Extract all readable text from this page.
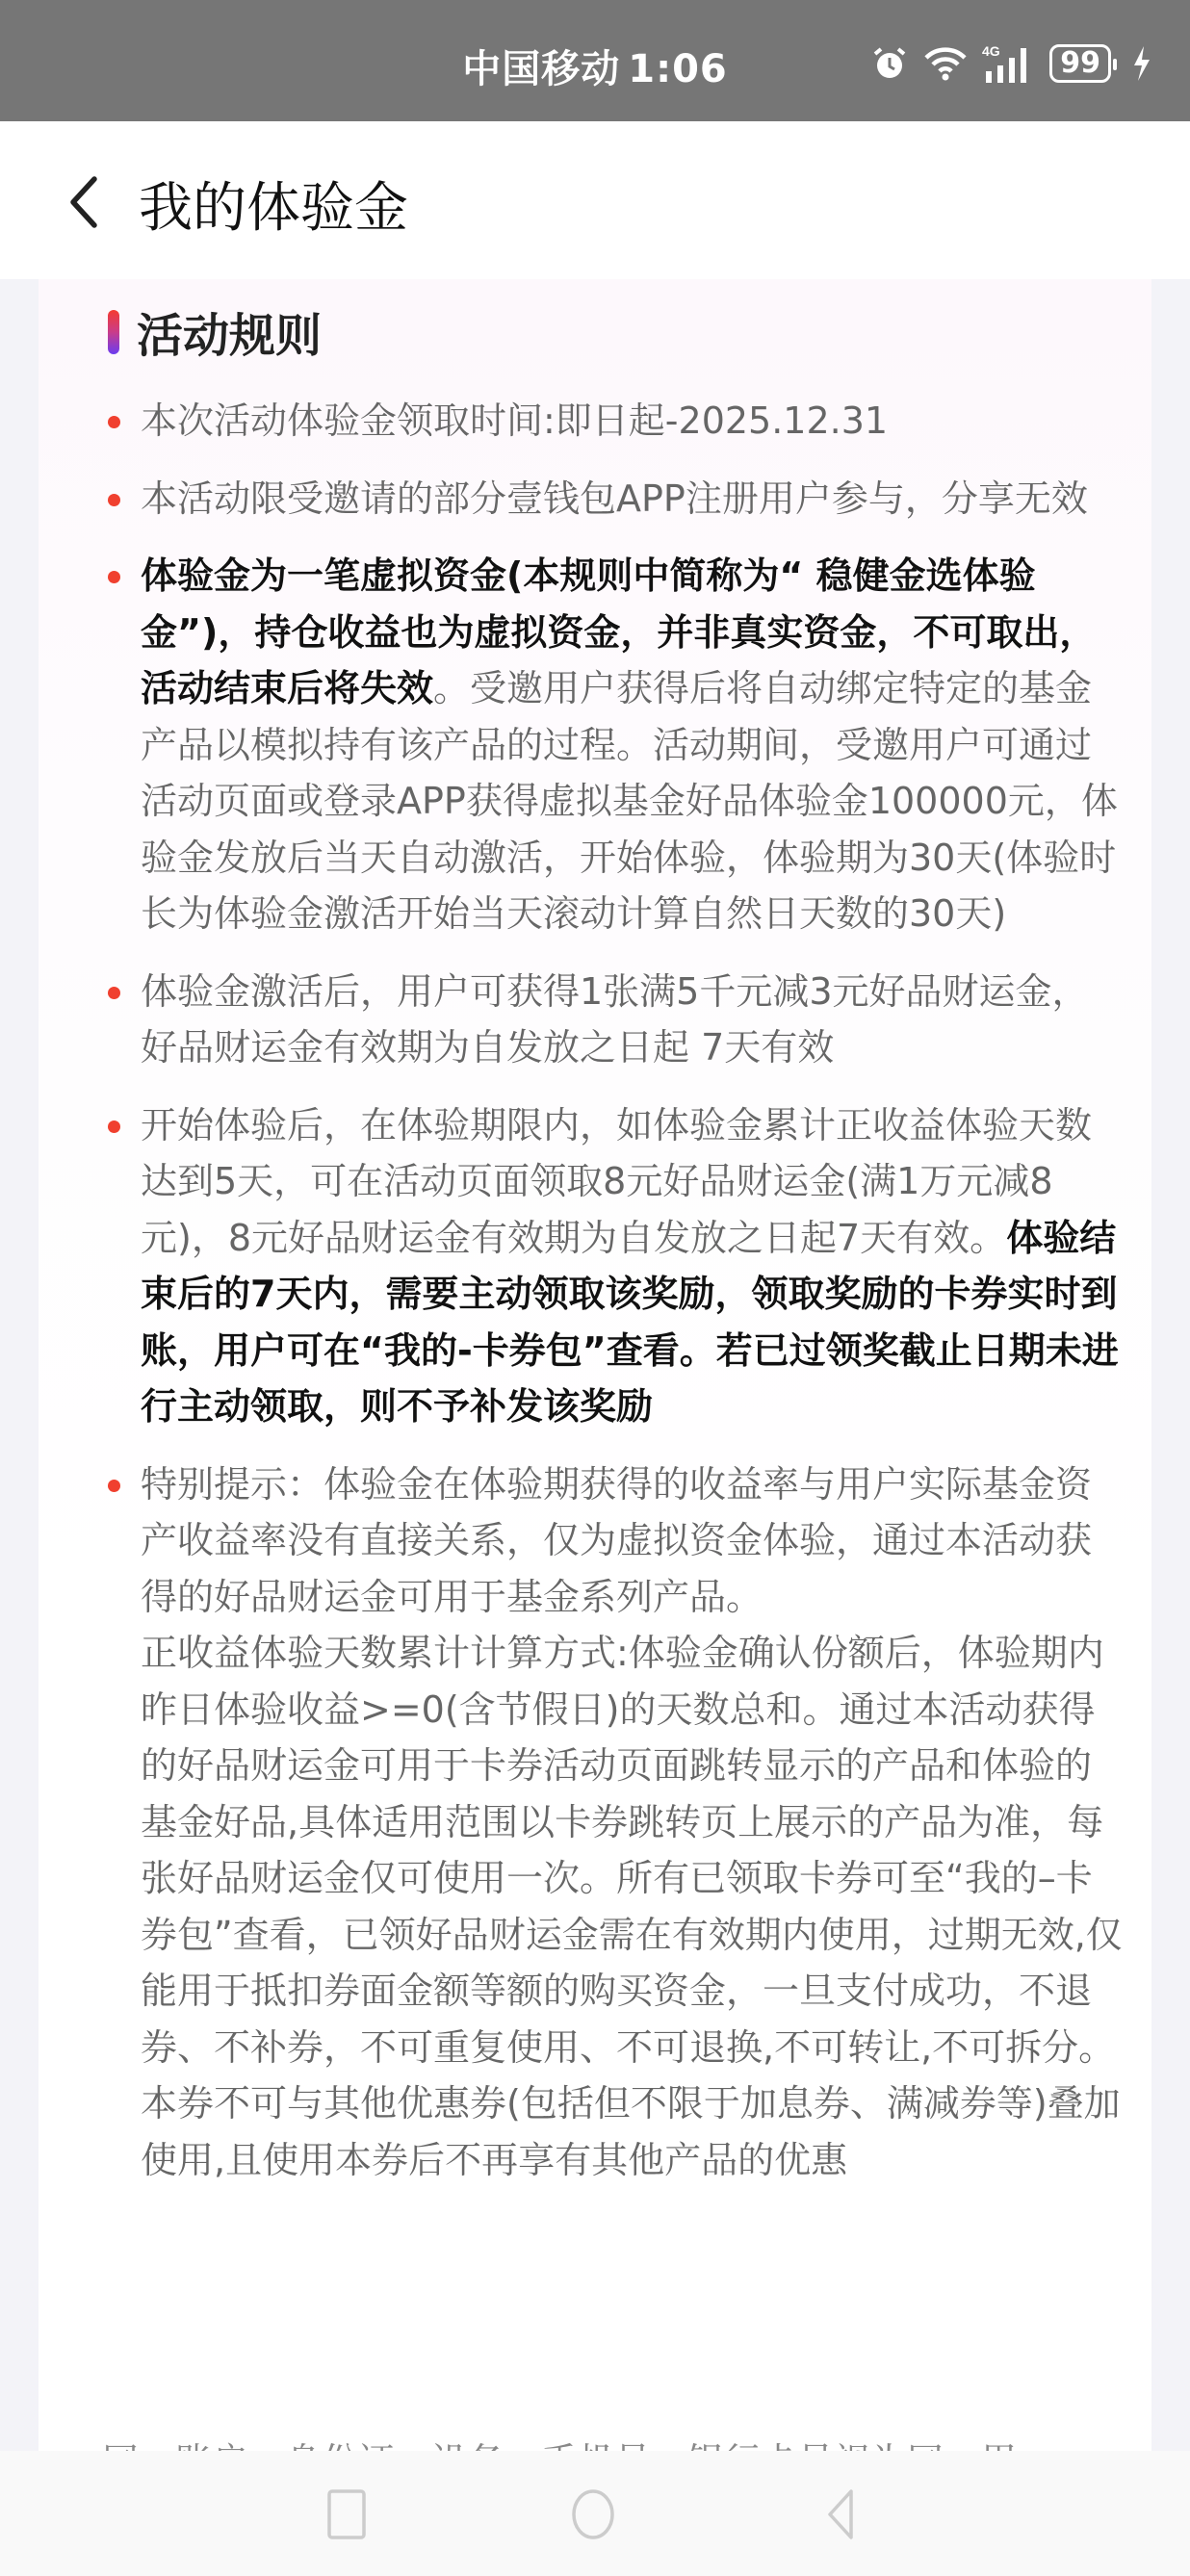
中国移动 1:06	4G	99
我的体验金
活动规则
本次活动体验金领取时间:即日起-2025.12.31
本活动限受邀请的部分壹钱包APP注册用户参与，分享无效
体验金为一笔虚拟资金(本规则中简称为“ 稳健金选体验金”)，持仓收益也为虚拟资金，并非真实资金，不可取出，活动结束后将失效。受邀用户获得后将自动绑定特定的基金产品以模拟持有该产品的过程。活动期间，受邀用户可通过活动页面或登录APP获得虚拟基金好品体验金100000元，体验金发放后当天自动激活，开始体验，体验期为30天(体验时长为体验金激活开始当天滚动计算自然日天数的30天)
体验金激活后，用户可获得1张满5千元减3元好品财运金，好品财运金有效期为自发放之日起 7天有效
开始体验后，在体验期限内，如体验金累计正收益体验天数达到5天，可在活动页面领取8元好品财运金(满1万元减8元)，8元好品财运金有效期为自发放之日起7天有效。体验结束后的7天内，需要主动领取该奖励，领取奖励的卡券实时到账，用户可在“我的-卡券包”查看。若已过领奖截止日期未进行主动领取，则不予补发该奖励
特别提示：体验金在体验期获得的收益率与用户实际基金资产收益率没有直接关系，仅为虚拟资金体验，通过本活动获得的好品财运金可用于基金系列产品。
正收益体验天数累计计算方式:体验金确认份额后，体验期内昨日体验收益>=0(含节假日)的天数总和。通过本活动获得的好品财运金可用于卡券活动页面跳转显示的产品和体验的基金好品,具体适用范围以卡券跳转页上展示的产品为准，每张好品财运金仅可使用一次。所有已领取卡券可至“我的–卡券包”查看，已领好品财运金需在有效期内使用，过期无效,仅能用于抵扣券面金额等额的购买资金，一旦支付成功，不退券、不补券，不可重复使用、不可退换,不可转让,不可拆分。本券不可与其他优惠券(包括但不限于加息券、满减券等)叠加使用,且使用本券后不再享有其他产品的优惠
